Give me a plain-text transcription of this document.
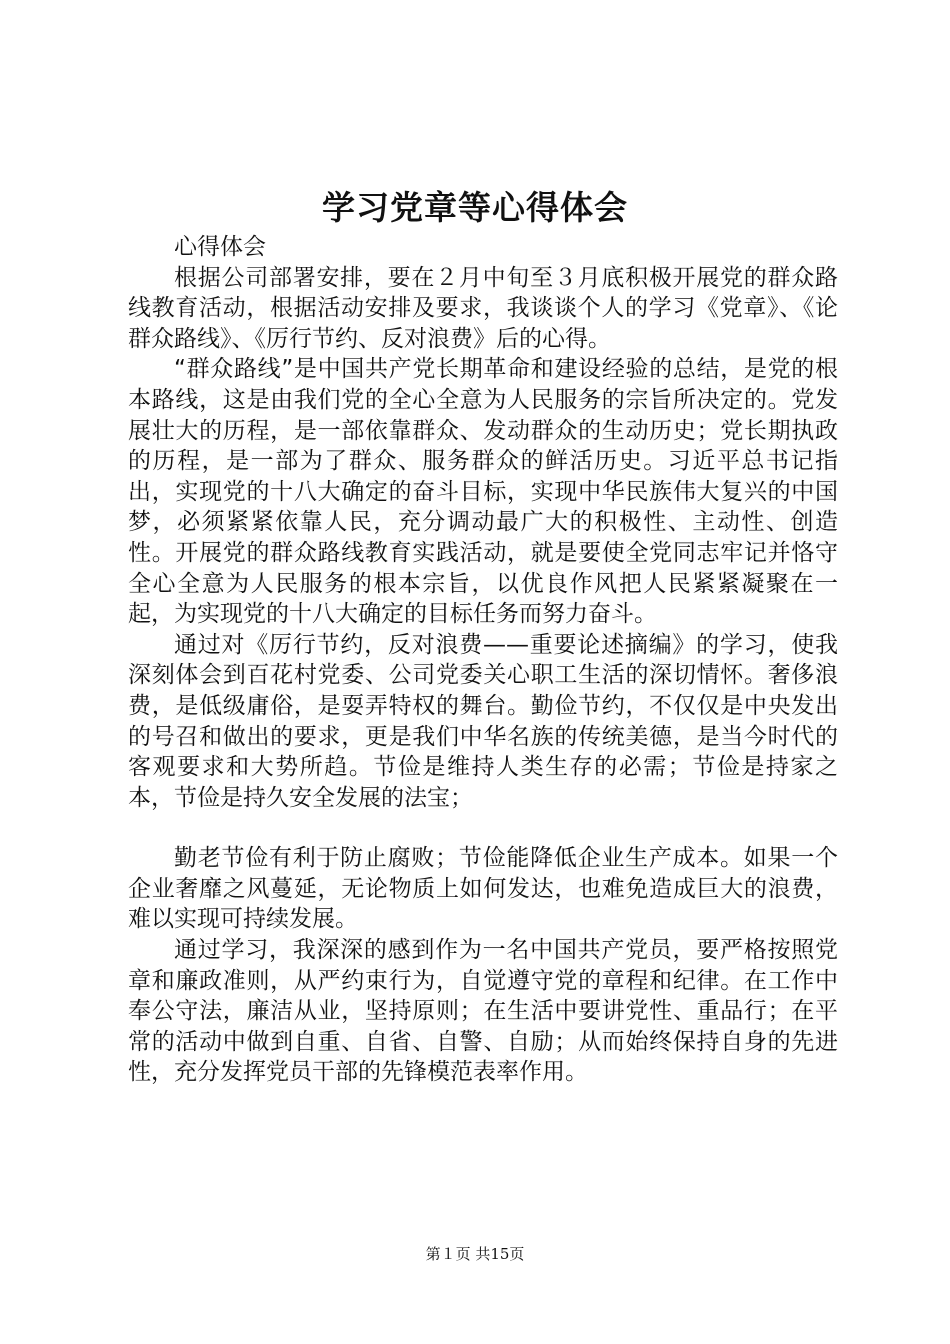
学习党章等心得体会

心得体会

根据公司部署安排，要在２月中旬至３月底积极开展党的群众路线教育活动，根据活动安排及要求，我谈谈个人的学习《党章》、《论群众路线》、《厉行节约、反对浪费》后的心得。

“群众路线”是中国共产党长期革命和建设经验的总结，是党的根本路线，这是由我们党的全心全意为人民服务的宗旨所决定的。党发展壮大的历程，是一部依靠群众、发动群众的生动历史；党长期执政的历程，是一部为了群众、服务群众的鲜活历史。习近平总书记指出，实现党的十八大确定的奋斗目标，实现中华民族伟大复兴的中国梦，必须紧紧依靠人民，充分调动最广大的积极性、主动性、创造性。开展党的群众路线教育实践活动，就是要使全党同志牢记并恪守全心全意为人民服务的根本宗旨，以优良作风把人民紧紧凝聚在一起，为实现党的十八大确定的目标任务而努力奋斗。

通过对《厉行节约，反对浪费——重要论述摘编》的学习，使我深刻体会到百花村党委、公司党委关心职工生活的深切情怀。奢侈浪费，是低级庸俗，是耍弄特权的舞台。勤俭节约，不仅仅是中央发出的号召和做出的要求，更是我们中华名族的传统美德，是当今时代的客观要求和大势所趋。节俭是维持人类生存的必需；节俭是持家之本，节俭是持久安全发展的法宝；

勤老节俭有利于防止腐败；节俭能降低企业生产成本。如果一个企业奢靡之风蔓延，无论物质上如何发达，也难免造成巨大的浪费，难以实现可持续发展。

通过学习，我深深的感到作为一名中国共产党员，要严格按照党章和廉政准则，从严约束行为，自觉遵守党的章程和纪律。在工作中奉公守法，廉洁从业，坚持原则；在生活中要讲党性、重品行；在平常的活动中做到自重、自省、自警、自励；从而始终保持自身的先进性，充分发挥党员干部的先锋模范表率作用。

第１页 共15页
